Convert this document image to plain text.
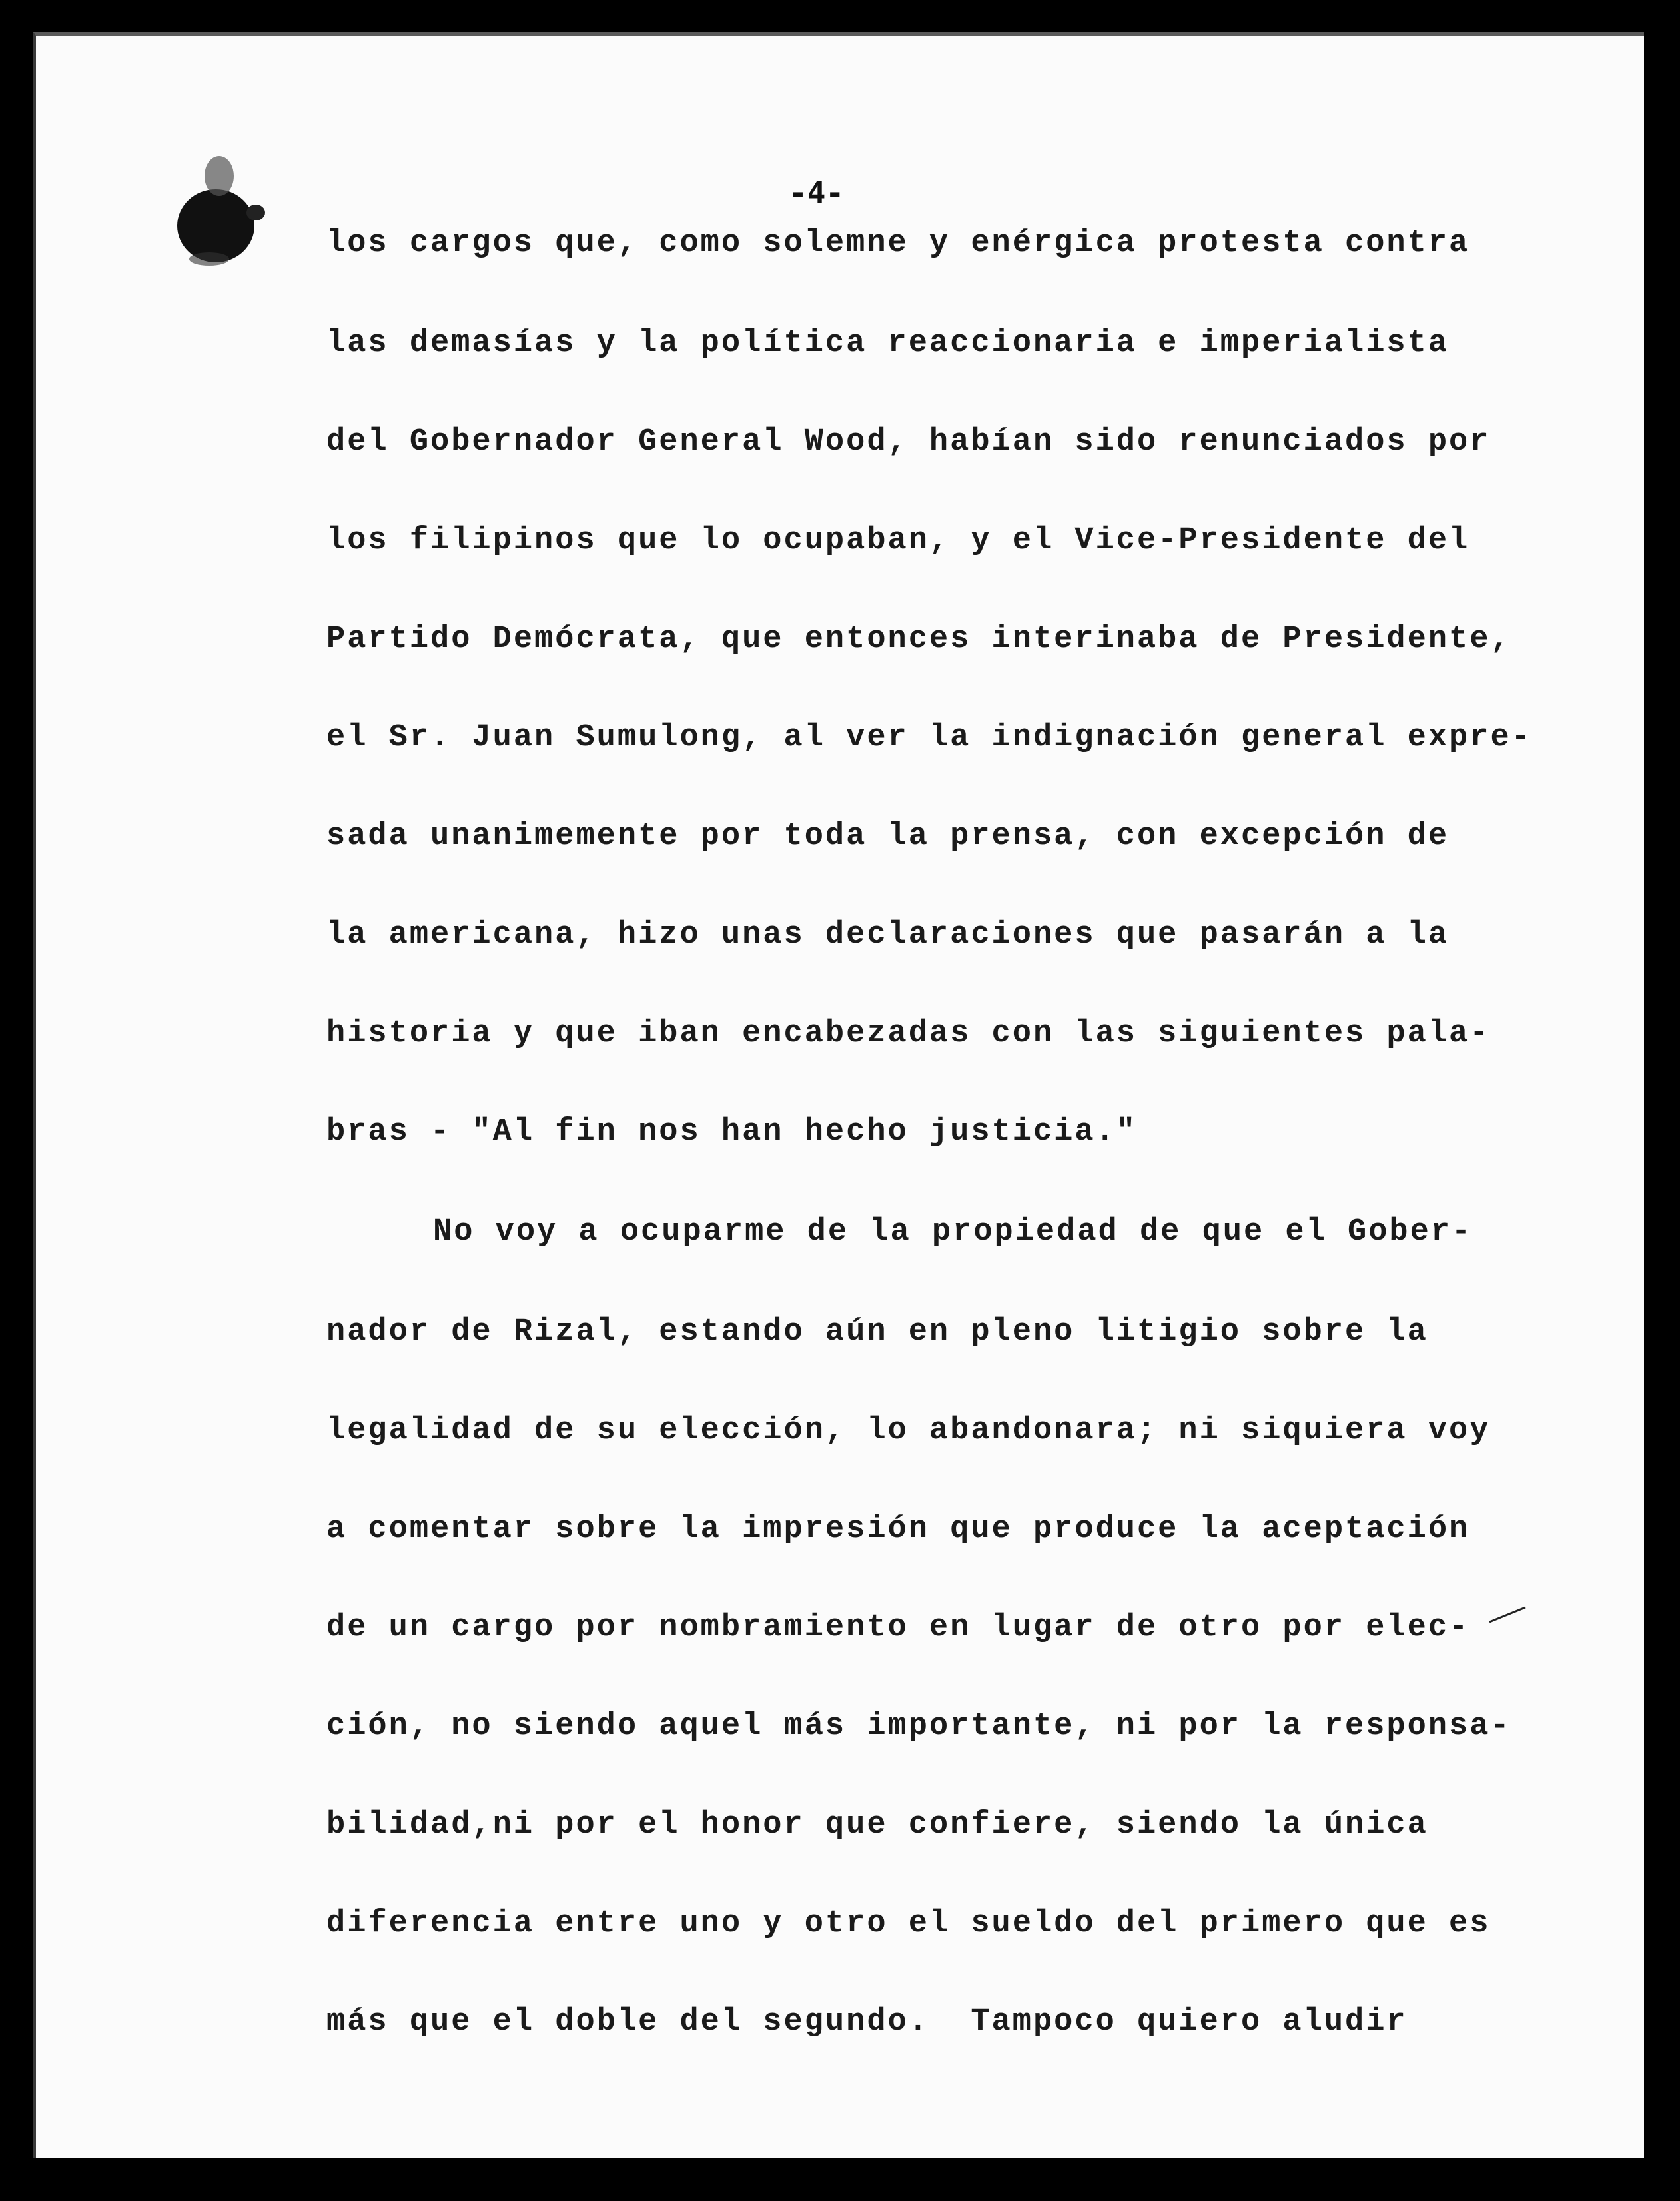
-4-
los cargos que, como solemne y enérgica protesta contra
las demasías y la política reaccionaria e imperialista
del Gobernador General Wood, habían sido renunciados por
los filipinos que lo ocupaban, y el Vice-Presidente del
Partido Demócrata, que entonces interinaba de Presidente,
el Sr. Juan Sumulong, al ver la indignación general expre-
sada unanimemente por toda la prensa, con excepción de
la americana, hizo unas declaraciones que pasarán a la
historia y que iban encabezadas con las siguientes pala-
bras - "Al fin nos han hecho justicia."
No voy a ocuparme de la propiedad de que el Gober-
nador de Rizal, estando aún en pleno litigio sobre la
legalidad de su elección, lo abandonara; ni siquiera voy
a comentar sobre la impresión que produce la aceptación
de un cargo por nombramiento en lugar de otro por elec-
ción, no siendo aquel más importante, ni por la responsa-
bilidad,ni por el honor que confiere, siendo la única
diferencia entre uno y otro el sueldo del primero que es
más que el doble del segundo.  Tampoco quiero aludir
